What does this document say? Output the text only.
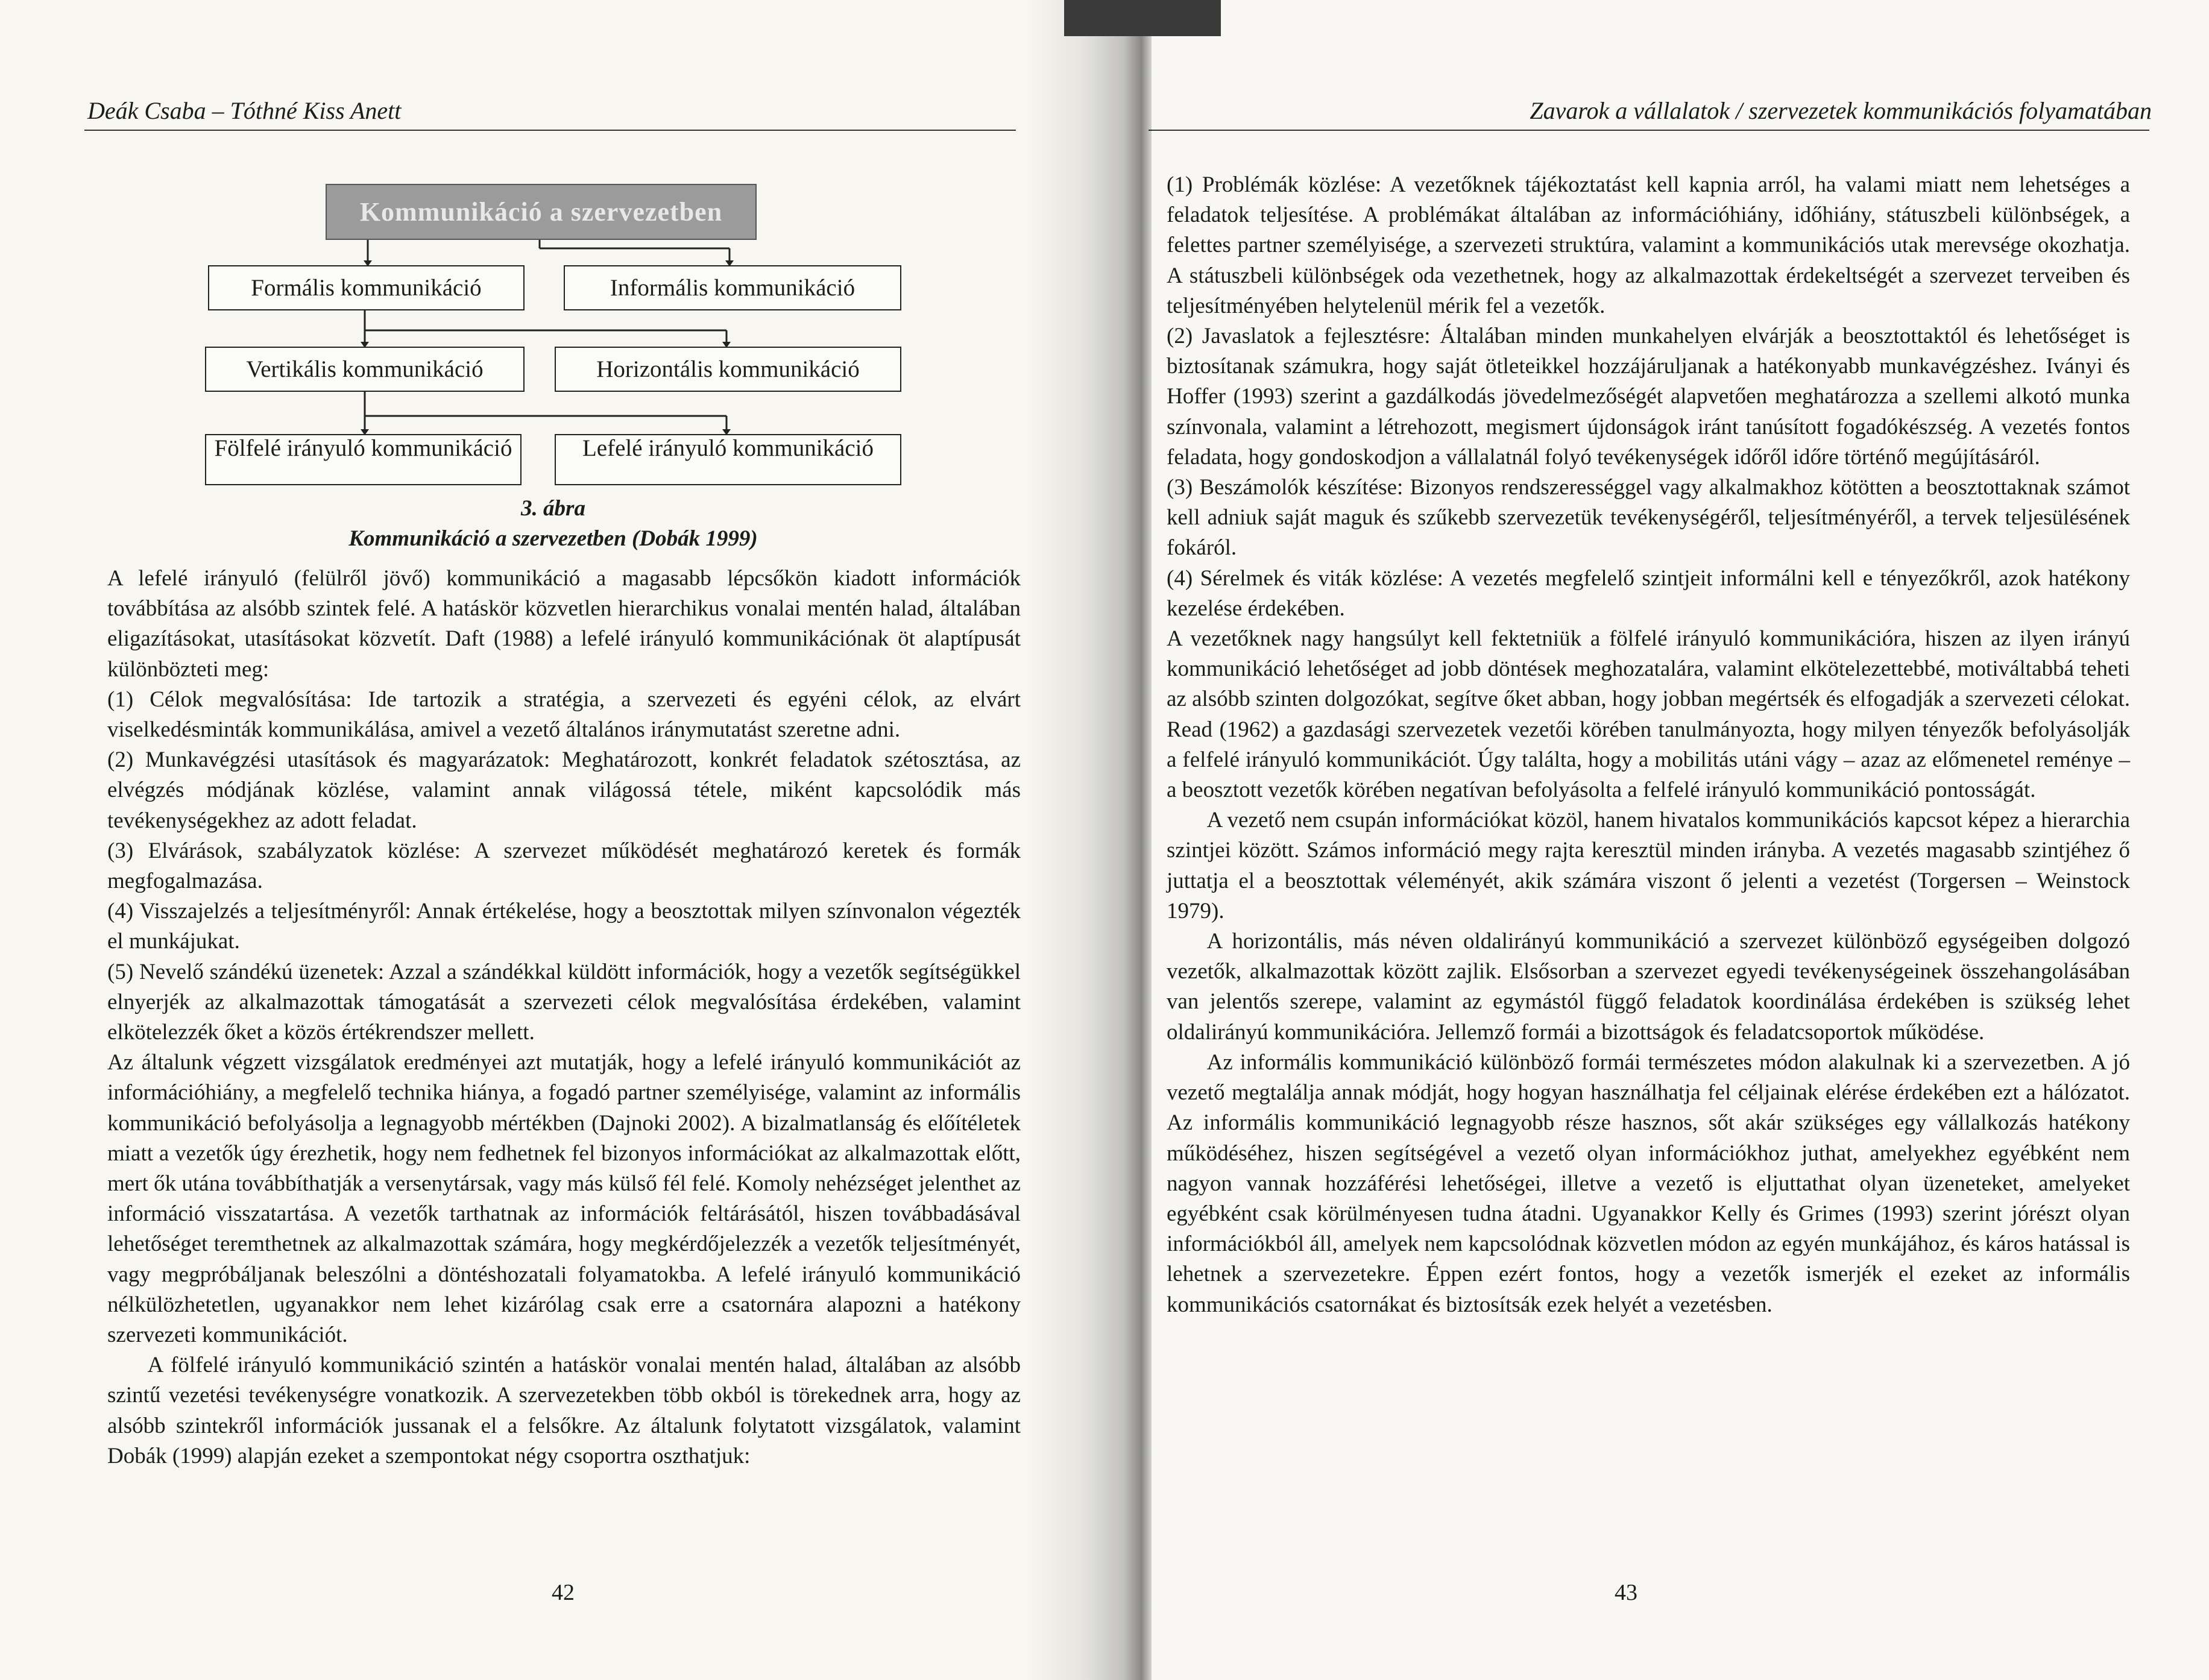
Deák Csaba – Tóthné Kiss Anett
Kommunikáció a szervezetben
Formális kommunikáció	Informális kommunikáció
Vertikális kommunikáció	Horizontális kommunikáció
Fölfelé irányuló kommunikáció	Lefelé irányuló kommunikáció
3. ábra
Kommunikáció a szervezetben (Dobák 1999)

A lefelé irányuló (felülről jövő) kommunikáció a magasabb lépcsőkön kiadott információk továbbítása az alsóbb szintek felé. A hatáskör közvetlen hierarchikus vonalai mentén halad, általában eligazításokat, utasításokat közvetít. Daft (1988) a lefelé irányuló kommunikációnak öt alaptípusát különbözteti meg:

(1) Célok megvalósítása: Ide tartozik a stratégia, a szervezeti és egyéni célok, az elvárt viselkedésminták kommunikálása, amivel a vezető általános iránymutatást szeretne adni.

(2) Munkavégzési utasítások és magyarázatok: Meghatározott, konkrét feladatok szétosztása, az elvégzés módjának közlése, valamint annak világossá tétele, miként kapcsolódik más tevékenységekhez az adott feladat.

(3) Elvárások, szabályzatok közlése: A szervezet működését meghatározó keretek és formák megfogalmazása.

(4) Visszajelzés a teljesítményről: Annak értékelése, hogy a beosztottak milyen színvonalon végezték el munkájukat.

(5) Nevelő szándékú üzenetek: Azzal a szándékkal küldött információk, hogy a vezetők segítségükkel elnyerjék az alkalmazottak támogatását a szervezeti célok megvalósítása érdekében, valamint elkötelezzék őket a közös értékrendszer mellett.

Az általunk végzett vizsgálatok eredményei azt mutatják, hogy a lefelé irányuló kommunikációt az információhiány, a megfelelő technika hiánya, a fogadó partner személyisége, valamint az informális kommunikáció befolyásolja a legnagyobb mértékben (Dajnoki 2002). A bizalmatlanság és előítéletek miatt a vezetők úgy érezhetik, hogy nem fedhetnek fel bizonyos információkat az alkalmazottak előtt, mert ők utána továbbíthatják a versenytársak, vagy más külső fél felé. Komoly nehézséget jelenthet az információ visszatartása. A vezetők tarthatnak az információk feltárásától, hiszen továbbadásával lehetőséget teremthetnek az alkalmazottak számára, hogy megkérdőjelezzék a vezetők teljesítményét, vagy megpróbáljanak beleszólni a döntéshozatali folyamatokba. A lefelé irányuló kommunikáció nélkülözhetetlen, ugyanakkor nem lehet kizárólag csak erre a csatornára alapozni a hatékony szervezeti kommunikációt.

A fölfelé irányuló kommunikáció szintén a hatáskör vonalai mentén halad, általában az alsóbb szintű vezetési tevékenységre vonatkozik. A szervezetekben több okból is törekednek arra, hogy az alsóbb szintekről információk jussanak el a felsőkre. Az általunk folytatott vizsgálatok, valamint Dobák (1999) alapján ezeket a szempontokat négy csoportra oszthatjuk:

42
Zavarok a vállalatok / szervezetek kommunikációs folyamatában

(1) Problémák közlése: A vezetőknek tájékoztatást kell kapnia arról, ha valami miatt nem lehetséges a feladatok teljesítése. A problémákat általában az információhiány, időhiány, státuszbeli különbségek, a felettes partner személyisége, a szervezeti struktúra, valamint a kommunikációs utak merevsége okozhatja. A státuszbeli különbségek oda vezethetnek, hogy az alkalmazottak érdekeltségét a szervezet terveiben és teljesítményében helytelenül mérik fel a vezetők.

(2) Javaslatok a fejlesztésre: Általában minden munkahelyen elvárják a beosztottaktól és lehetőséget is biztosítanak számukra, hogy saját ötleteikkel hozzájáruljanak a hatékonyabb munkavégzéshez. Iványi és Hoffer (1993) szerint a gazdálkodás jövedelmezőségét alapvetően meghatározza a szellemi alkotó munka színvonala, valamint a létrehozott, megismert újdonságok iránt tanúsított fogadókészség. A vezetés fontos feladata, hogy gondoskodjon a vállalatnál folyó tevékenységek időről időre történő megújításáról.

(3) Beszámolók készítése: Bizonyos rendszerességgel vagy alkalmakhoz kötötten a beosztottaknak számot kell adniuk saját maguk és szűkebb szervezetük tevékenységéről, teljesítményéről, a tervek teljesülésének fokáról.

(4) Sérelmek és viták közlése: A vezetés megfelelő szintjeit informálni kell e tényezőkről, azok hatékony kezelése érdekében.

A vezetőknek nagy hangsúlyt kell fektetniük a fölfelé irányuló kommunikációra, hiszen az ilyen irányú kommunikáció lehetőséget ad jobb döntések meghozatalára, valamint elkötelezettebbé, motiváltabbá teheti az alsóbb szinten dolgozókat, segítve őket abban, hogy jobban megértsék és elfogadják a szervezeti célokat. Read (1962) a gazdasági szervezetek vezetői körében tanulmányozta, hogy milyen tényezők befolyásolják a felfelé irányuló kommunikációt. Úgy találta, hogy a mobilitás utáni vágy – azaz az előmenetel reménye – a beosztott vezetők körében negatívan befolyásolta a felfelé irányuló kommunikáció pontosságát.

A vezető nem csupán információkat közöl, hanem hivatalos kommunikációs kapcsot képez a hierarchia szintjei között. Számos információ megy rajta keresztül minden irányba. A vezetés magasabb szintjéhez ő juttatja el a beosztottak véleményét, akik számára viszont ő jelenti a vezetést (Torgersen – Weinstock 1979).

A horizontális, más néven oldalirányú kommunikáció a szervezet különböző egységeiben dolgozó vezetők, alkalmazottak között zajlik. Elsősorban a szervezet egyedi tevékenységeinek összehangolásában van jelentős szerepe, valamint az egymástól függő feladatok koordinálása érdekében is szükség lehet oldalirányú kommunikációra. Jellemző formái a bizottságok és feladatcsoportok működése.

Az informális kommunikáció különböző formái természetes módon alakulnak ki a szervezetben. A jó vezető megtalálja annak módját, hogy hogyan használhatja fel céljainak elérése érdekében ezt a hálózatot. Az informális kommunikáció legnagyobb része hasznos, sőt akár szükséges egy vállalkozás hatékony működéséhez, hiszen segítségével a vezető olyan információkhoz juthat, amelyekhez egyébként nem nagyon vannak hozzáférési lehetőségei, illetve a vezető is eljuttathat olyan üzeneteket, amelyeket egyébként csak körülményesen tudna átadni. Ugyanakkor Kelly és Grimes (1993) szerint jórészt olyan információkból áll, amelyek nem kapcsolódnak közvetlen módon az egyén munkájához, és káros hatással is lehetnek a szervezetekre. Éppen ezért fontos, hogy a vezetők ismerjék el ezeket az informális kommunikációs csatornákat és biztosítsák ezek helyét a vezetésben.

43
